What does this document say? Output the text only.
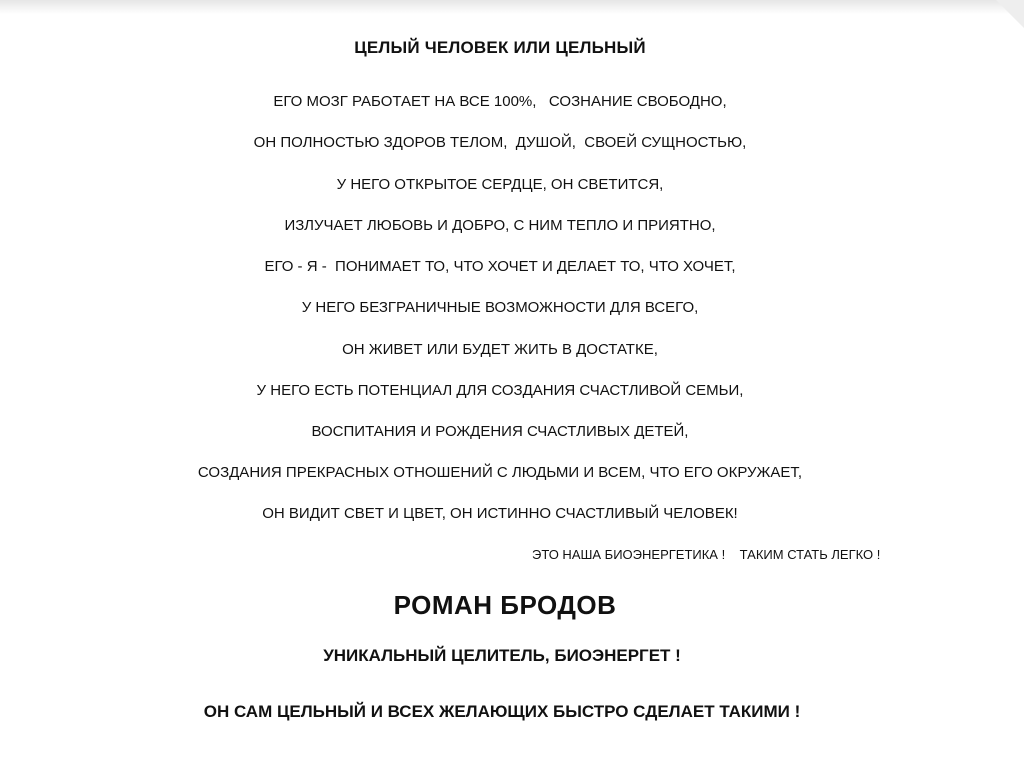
ЦЕЛЫЙ ЧЕЛОВЕК ИЛИ ЦЕЛЬНЫЙ
ЕГО МОЗГ РАБОТАЕТ НА ВСЕ 100%,   СОЗНАНИЕ СВОБОДНО,
ОН ПОЛНОСТЬЮ ЗДОРОВ ТЕЛОМ,  ДУШОЙ,  СВОЕЙ СУЩНОСТЬЮ,
У НЕГО ОТКРЫТОЕ СЕРДЦЕ, ОН СВЕТИТСЯ,
ИЗЛУЧАЕТ ЛЮБОВЬ И ДОБРО, С НИМ ТЕПЛО И ПРИЯТНО,
ЕГО - Я -  ПОНИМАЕТ ТО, ЧТО ХОЧЕТ И ДЕЛАЕТ ТО, ЧТО ХОЧЕТ,
У НЕГО БЕЗГРАНИЧНЫЕ ВОЗМОЖНОСТИ ДЛЯ ВСЕГО,
ОН ЖИВЕТ ИЛИ БУДЕТ ЖИТЬ В ДОСТАТКЕ,
У НЕГО ЕСТЬ ПОТЕНЦИАЛ ДЛЯ СОЗДАНИЯ СЧАСТЛИВОЙ СЕМЬИ,
ВОСПИТАНИЯ И РОЖДЕНИЯ СЧАСТЛИВЫХ ДЕТЕЙ,
СОЗДАНИЯ ПРЕКРАСНЫХ ОТНОШЕНИЙ С ЛЮДЬМИ И ВСЕМ, ЧТО ЕГО ОКРУЖАЕТ,
ОН ВИДИТ СВЕТ И ЦВЕТ, ОН ИСТИННО СЧАСТЛИВЫЙ ЧЕЛОВЕК!
ЭТО НАША БИОЭНЕРГЕТИКА !    ТАКИМ СТАТЬ ЛЕГКО !
РОМАН БРОДОВ
УНИКАЛЬНЫЙ ЦЕЛИТЕЛЬ, БИОЭНЕРГЕТ !
ОН САМ ЦЕЛЬНЫЙ И ВСЕХ ЖЕЛАЮЩИХ БЫСТРО СДЕЛАЕТ ТАКИМИ !
